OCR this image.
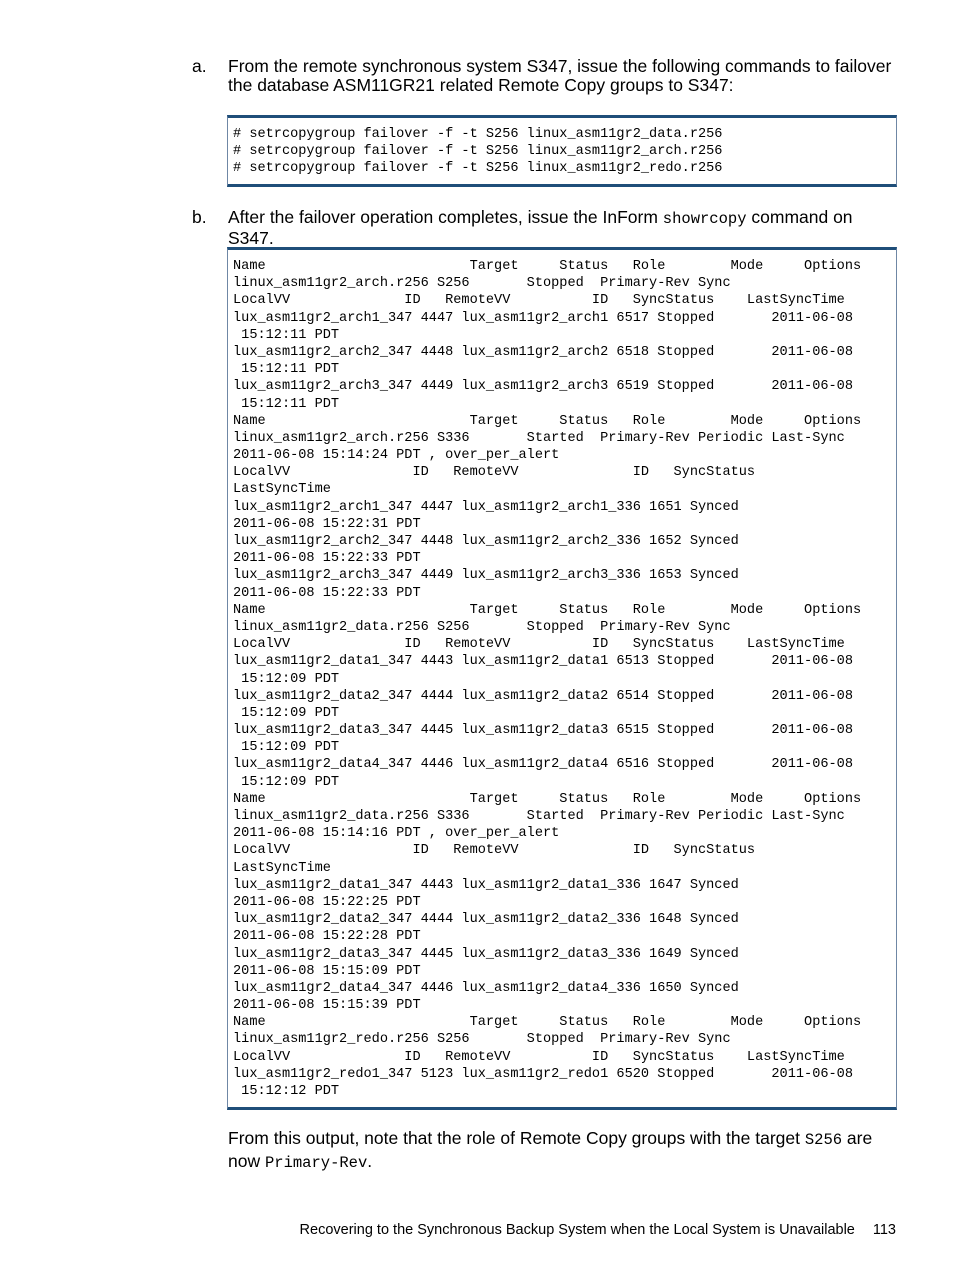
a. From the remote synchronous system S347, issue the following commands to failover the database ASM11GR21 related Remote Copy groups to S347:
# setrcopygroup failover -f -t S256 linux_asm11gr2_data.r256
# setrcopygroup failover -f -t S256 linux_asm11gr2_arch.r256
# setrcopygroup failover -f -t S256 linux_asm11gr2_redo.r256
b. After the failover operation completes, issue the InForm showrcopy command on S347.
Name                         Target     Status   Role        Mode     Options
linux_asm11gr2_arch.r256 S256       Stopped  Primary-Rev Sync
LocalVV              ID   RemoteVV          ID   SyncStatus    LastSyncTime
lux_asm11gr2_arch1_347 4447 lux_asm11gr2_arch1 6517 Stopped       2011-06-08
15:12:11 PDT
lux_asm11gr2_arch2_347 4448 lux_asm11gr2_arch2 6518 Stopped       2011-06-08
15:12:11 PDT
lux_asm11gr2_arch3_347 4449 lux_asm11gr2_arch3 6519 Stopped       2011-06-08
15:12:11 PDT
Name                         Target     Status   Role        Mode     Options
linux_asm11gr2_arch.r256 S336       Started  Primary-Rev Periodic Last-Sync
2011-06-08 15:14:24 PDT , over_per_alert
LocalVV               ID   RemoteVV              ID   SyncStatus
LastSyncTime
lux_asm11gr2_arch1_347 4447 lux_asm11gr2_arch1_336 1651 Synced
2011-06-08 15:22:31 PDT
lux_asm11gr2_arch2_347 4448 lux_asm11gr2_arch2_336 1652 Synced
2011-06-08 15:22:33 PDT
lux_asm11gr2_arch3_347 4449 lux_asm11gr2_arch3_336 1653 Synced
2011-06-08 15:22:33 PDT
Name                         Target     Status   Role        Mode     Options
linux_asm11gr2_data.r256 S256       Stopped  Primary-Rev Sync
LocalVV              ID   RemoteVV          ID   SyncStatus    LastSyncTime
lux_asm11gr2_data1_347 4443 lux_asm11gr2_data1 6513 Stopped       2011-06-08
15:12:09 PDT
lux_asm11gr2_data2_347 4444 lux_asm11gr2_data2 6514 Stopped       2011-06-08
15:12:09 PDT
lux_asm11gr2_data3_347 4445 lux_asm11gr2_data3 6515 Stopped       2011-06-08
15:12:09 PDT
lux_asm11gr2_data4_347 4446 lux_asm11gr2_data4 6516 Stopped       2011-06-08
15:12:09 PDT
Name                         Target     Status   Role        Mode     Options
linux_asm11gr2_data.r256 S336       Started  Primary-Rev Periodic Last-Sync
2011-06-08 15:14:16 PDT , over_per_alert
LocalVV               ID   RemoteVV              ID   SyncStatus
LastSyncTime
lux_asm11gr2_data1_347 4443 lux_asm11gr2_data1_336 1647 Synced
2011-06-08 15:22:25 PDT
lux_asm11gr2_data2_347 4444 lux_asm11gr2_data2_336 1648 Synced
2011-06-08 15:22:28 PDT
lux_asm11gr2_data3_347 4445 lux_asm11gr2_data3_336 1649 Synced
2011-06-08 15:15:09 PDT
lux_asm11gr2_data4_347 4446 lux_asm11gr2_data4_336 1650 Synced
2011-06-08 15:15:39 PDT
Name                         Target     Status   Role        Mode     Options
linux_asm11gr2_redo.r256 S256       Stopped  Primary-Rev Sync
LocalVV              ID   RemoteVV          ID   SyncStatus    LastSyncTime
lux_asm11gr2_redo1_347 5123 lux_asm11gr2_redo1 6520 Stopped       2011-06-08
15:12:12 PDT
From this output, note that the role of Remote Copy groups with the target S256 are now Primary-Rev.
Recovering to the Synchronous Backup System when the Local System is Unavailable 113
